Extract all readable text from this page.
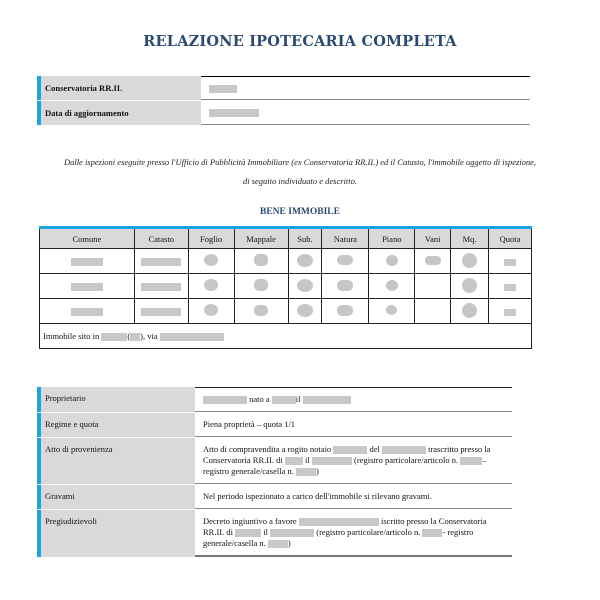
RELAZIONE IPOTECARIA COMPLETA
Conservatoria RR.II.
Data di aggiornamento
Dalle ispezioni eseguite presso l'Ufficio di Pubblicità Immobiliare (ex Conservatoria RR.II.) ed il Catasto, l'immobile oggetto di ispezione,
di seguito individuato e descritto.
BENE IMMOBILE
Comune	Catasto	Foglio	Mappale	Sub.	Natura	Piano	Vani	Mq.	Quota

Immobile sito in ( ), via									
Proprietario	nato a	il
Regime e quota	Piena proprietà – quota 1/1
Atto di provenienza	Atto di compravendita a rogito notaio	del	trascritto presso la Conservatoria RR.II. di	il	(registro particolare/articolo n.	– registro generale/casella n.	)
Gravami	Nel periodo ispezionato a carico dell'immobile si rilevano gravami.
Pregiudizievoli	Decreto ingiuntivo a favore	iscritto presso la Conservatoria RR.II. di	il	(registro particolare/articolo n.	- registro generale/casella n.	)
